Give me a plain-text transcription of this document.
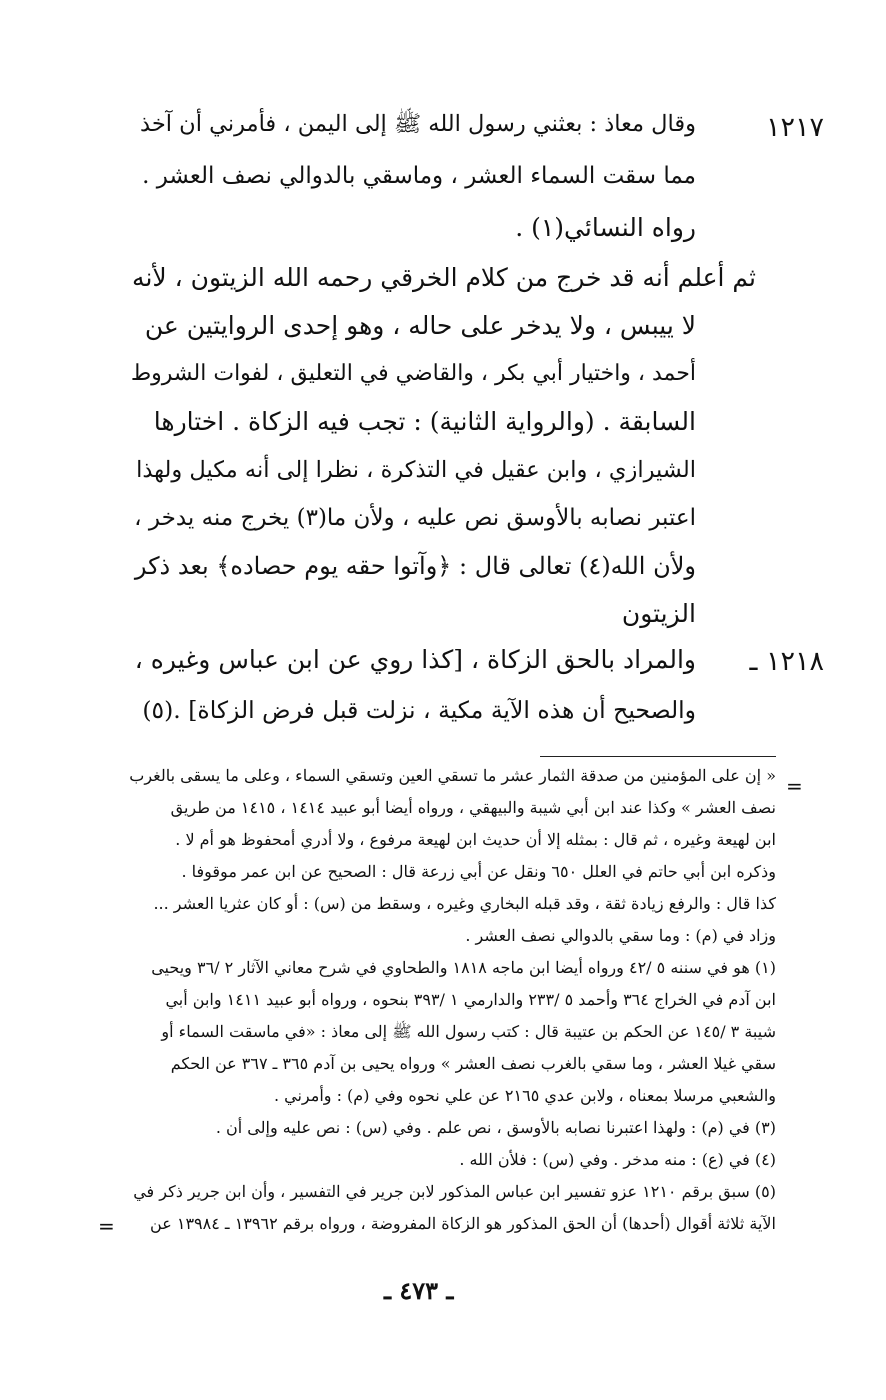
١٢١٧
وقال معاذ : بعثني رسول الله ﷺ إلى اليمن ، فأمرني أن آخذ
مما سقت السماء العشر ، وماسقي بالدوالي نصف العشر .
رواه النسائي(١) .
ثم أعلم أنه قد خرج من كلام الخرقي رحمه الله الزيتون ، لأنه
لا ييبس ، ولا يدخر على حاله ، وهو إحدى الروايتين عن
أحمد ، واختيار أبي بكر ، والقاضي في التعليق ، لفوات الشروط
السابقة . (والرواية الثانية) : تجب فيه الزكاة . اختارها
الشيرازي ، وابن عقيل في التذكرة ، نظرا إلى أنه مكيل ولهذا
اعتبر نصابه بالأوسق نص عليه ، ولأن ما(٣) يخرج منه يدخر ،
ولأن الله(٤) تعالى قال : ﴿وآتوا حقه يوم حصاده﴾ بعد ذكر
الزيتون
١٢١٨ ـ
والمراد بالحق الزكاة ، [كذا روي عن ابن عباس وغيره ،
والصحيح أن هذه الآية مكية ، نزلت قبل فرض الزكاة] .(٥)
=
« إن على المؤمنين من صدقة الثمار عشر ما تسقي العين وتسقي السماء ، وعلى ما يسقى بالغرب
نصف العشر » وكذا عند ابن أبي شيبة والبيهقي ، ورواه أيضا أبو عبيد ١٤١٤ ، ١٤١٥ من طريق
ابن لهيعة وغيره ، ثم قال : بمثله إلا أن حديث ابن لهيعة مرفوع ، ولا أدري أمحفوظ هو أم لا .
وذكره ابن أبي حاتم في العلل ٦٥٠ ونقل عن أبي زرعة قال : الصحيح عن ابن عمر موقوفا .
كذا قال : والرفع زيادة ثقة ، وقد قبله البخاري وغيره ، وسقط من (س) : أو كان عثريا العشر ...
وزاد في (م) : وما سقي بالدوالي نصف العشر .
(١) هو في سننه ٥ /٤٢ ورواه أيضا ابن ماجه ١٨١٨ والطحاوي في شرح معاني الآثار ٢ /٣٦ ويحيى
ابن آدم في الخراج ٣٦٤ وأحمد ٥ /٢٣٣ والدارمي ١ /٣٩٣ بنحوه ، ورواه أبو عبيد ١٤١١ وابن أبي
شيبة ٣ /١٤٥ عن الحكم بن عتيبة قال : كتب رسول الله ﷺ إلى معاذ : «في ماسقت السماء أو
سقي غيلا العشر ، وما سقي بالغرب نصف العشر » ورواه يحيى بن آدم ٣٦٥ ـ ٣٦٧ عن الحكم
والشعبي مرسلا بمعناه ، ولابن عدي ٢١٦٥ عن علي نحوه وفي (م) : وأمرني .
(٣) في (م) : ولهذا اعتبرنا نصابه بالأوسق ، نص علم . وفي (س) : نص عليه وإلى أن .
(٤) في (ع) : منه مدخر . وفي (س) : فلأن الله .
(٥) سبق برقم ١٢١٠ عزو تفسير ابن عباس المذكور لابن جرير في التفسير ، وأن ابن جرير ذكر في
الآية ثلاثة أقوال (أحدها) أن الحق المذكور هو الزكاة المفروضة ، ورواه برقم ١٣٩٦٢ ـ ١٣٩٨٤ عن
=
ـ ٤٧٣ ـ
